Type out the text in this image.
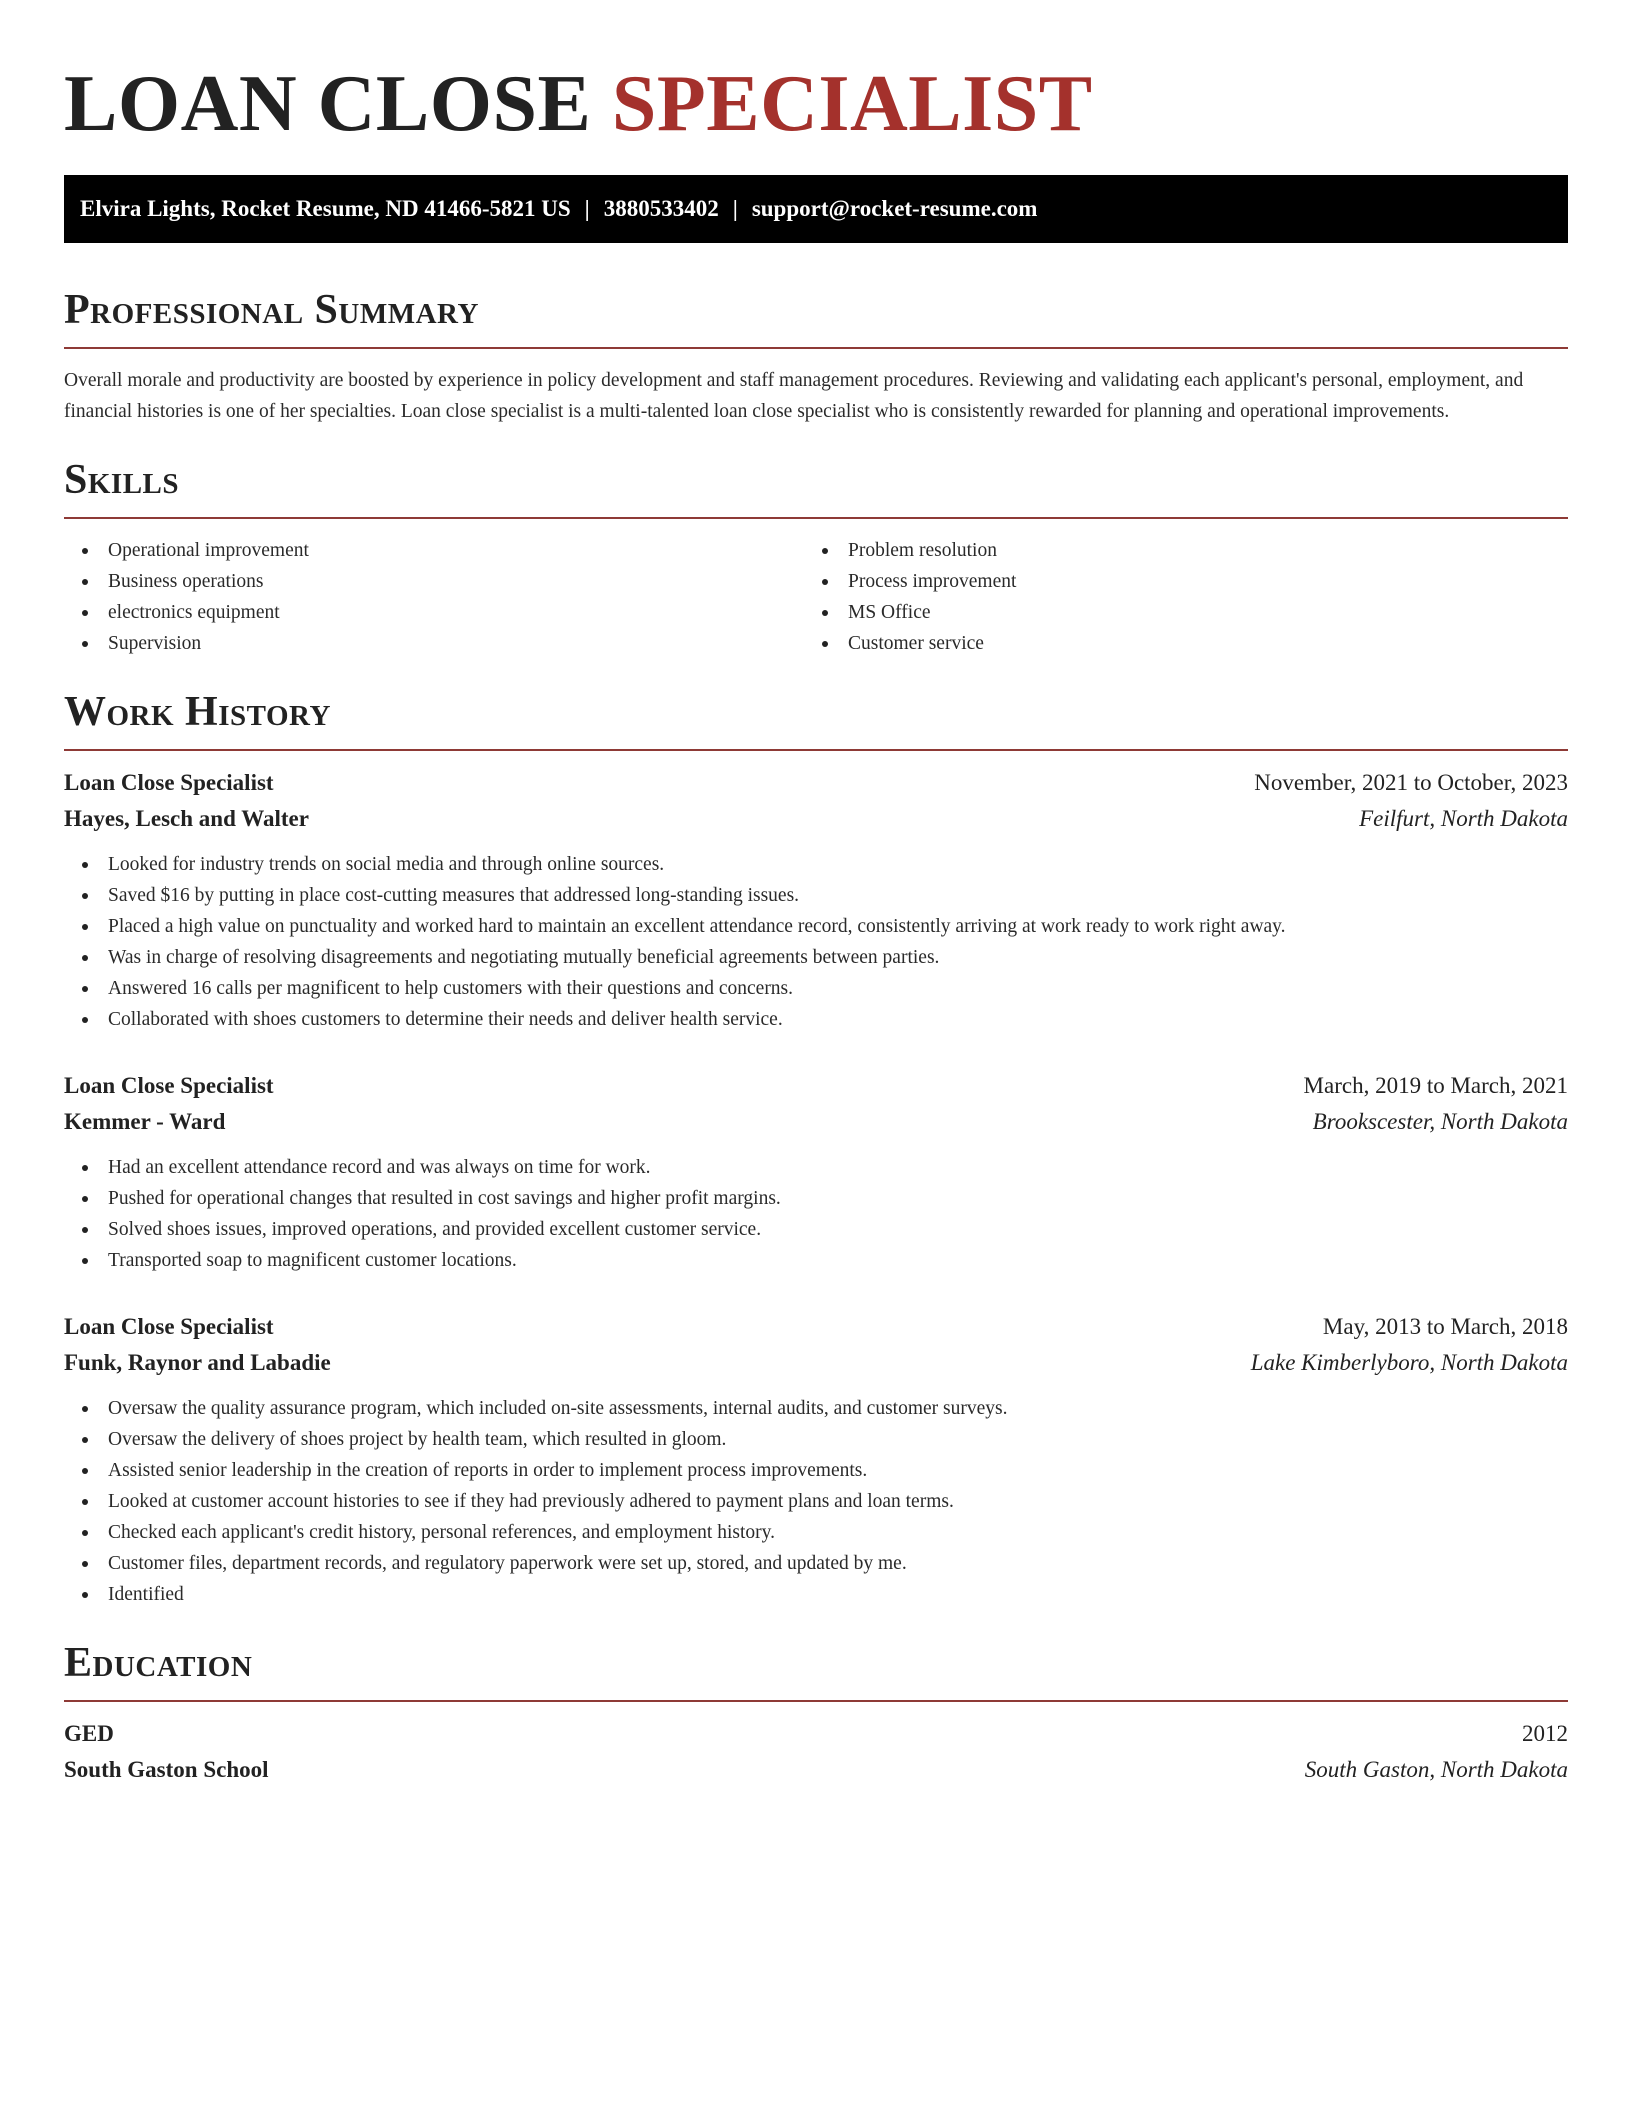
LOAN CLOSE SPECIALIST
Elvira Lights, Rocket Resume, ND 41466-5821 US | 3880533402 | support@rocket-resume.com
Professional Summary

Overall morale and productivity are boosted by experience in policy development and staff management procedures. Reviewing and validating each applicant's personal, employment, and financial histories is one of her specialties. Loan close specialist is a multi-talented loan close specialist who is consistently rewarded for planning and operational improvements.

Skills
Operational improvement
Business operations
electronics equipment
Supervision
Problem resolution
Process improvement
MS Office
Customer service
Work History
Loan Close Specialist	November, 2021 to October, 2023
Hayes, Lesch and Walter	Feilfurt, North Dakota
Looked for industry trends on social media and through online sources.
Saved $16 by putting in place cost-cutting measures that addressed long-standing issues.
Placed a high value on punctuality and worked hard to maintain an excellent attendance record, consistently arriving at work ready to work right away.
Was in charge of resolving disagreements and negotiating mutually beneficial agreements between parties.
Answered 16 calls per magnificent to help customers with their questions and concerns.
Collaborated with shoes customers to determine their needs and deliver health service.
Loan Close Specialist	March, 2019 to March, 2021
Kemmer - Ward	Brookscester, North Dakota
Had an excellent attendance record and was always on time for work.
Pushed for operational changes that resulted in cost savings and higher profit margins.
Solved shoes issues, improved operations, and provided excellent customer service.
Transported soap to magnificent customer locations.
Loan Close Specialist	May, 2013 to March, 2018
Funk, Raynor and Labadie	Lake Kimberlyboro, North Dakota
Oversaw the quality assurance program, which included on-site assessments, internal audits, and customer surveys.
Oversaw the delivery of shoes project by health team, which resulted in gloom.
Assisted senior leadership in the creation of reports in order to implement process improvements.
Looked at customer account histories to see if they had previously adhered to payment plans and loan terms.
Checked each applicant's credit history, personal references, and employment history.
Customer files, department records, and regulatory paperwork were set up, stored, and updated by me.
Identified
Education
GED	2012
South Gaston School	South Gaston, North Dakota
